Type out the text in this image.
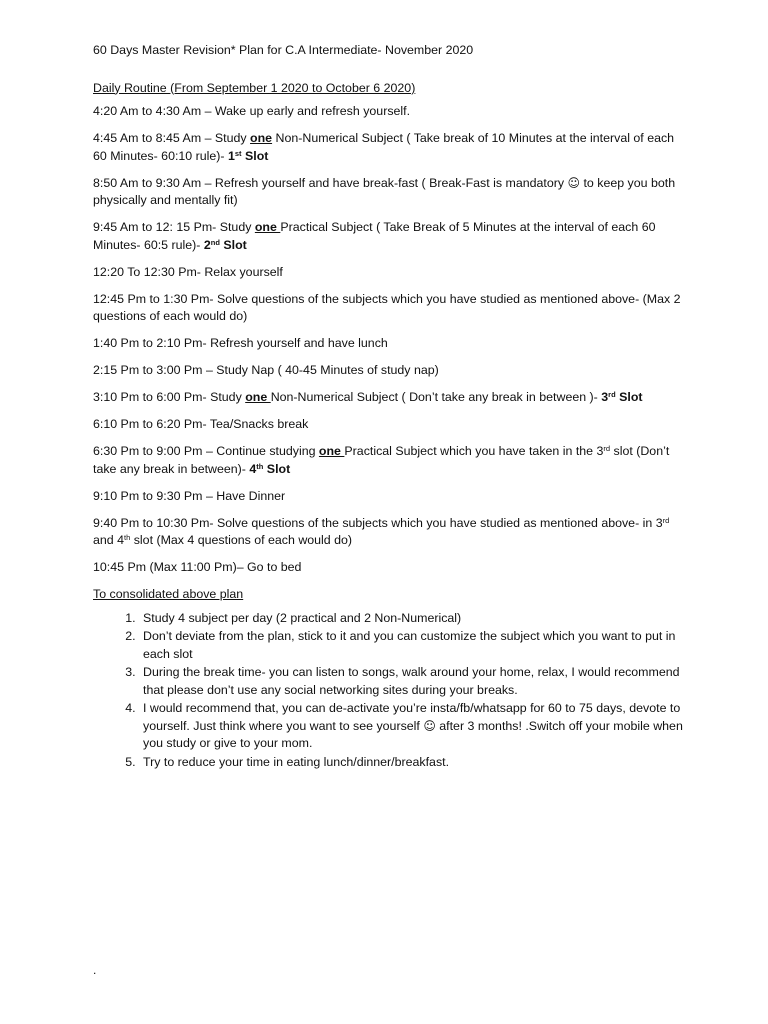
60 Days Master Revision* Plan for C.A Intermediate- November 2020
Daily Routine (From September 1 2020 to October 6 2020)
4:20 Am to 4:30 Am – Wake up early and refresh yourself.
4:45 Am to 8:45 Am – Study one Non-Numerical Subject ( Take break of 10 Minutes at the interval of each 60 Minutes- 60:10 rule)- 1st Slot
8:50 Am to 9:30 Am – Refresh yourself and have break-fast ( Break-Fast is mandatory ☺ to keep you both physically and mentally fit)
9:45 Am to 12: 15 Pm- Study one Practical Subject ( Take Break of 5 Minutes at the interval of each 60 Minutes- 60:5 rule)- 2nd Slot
12:20 To 12:30 Pm- Relax yourself
12:45 Pm to 1:30 Pm- Solve questions of the subjects which you have studied as mentioned above- (Max 2 questions of each would do)
1:40 Pm to 2:10 Pm- Refresh yourself and have lunch
2:15 Pm to 3:00 Pm – Study Nap ( 40-45 Minutes of study nap)
3:10 Pm to 6:00 Pm- Study one Non-Numerical Subject ( Don’t take any break in between )- 3rd Slot
6:10 Pm to 6:20 Pm- Tea/Snacks break
6:30 Pm to 9:00 Pm – Continue studying one Practical Subject which you have taken in the 3rd slot (Don’t take any break in between)- 4th Slot
9:10 Pm to 9:30 Pm – Have Dinner
9:40 Pm to 10:30 Pm- Solve questions of the subjects which you have studied as mentioned above- in 3rd and 4th slot (Max 4 questions of each would do)
10:45 Pm (Max 11:00 Pm)– Go to bed
To consolidated above plan
1. Study 4 subject per day (2 practical and 2 Non-Numerical)
2. Don’t deviate from the plan, stick to it and you can customize the subject which you want to put in each slot
3. During the break time- you can listen to songs, walk around your home, relax, I would recommend that please don’t use any social networking sites during your breaks.
4. I would recommend that, you can de-activate you’re insta/fb/whatsapp for 60 to 75 days, devote to yourself. Just think where you want to see yourself ☺ after 3 months! .Switch off your mobile when you study or give to your mom.
5. Try to reduce your time in eating lunch/dinner/breakfast.
.
